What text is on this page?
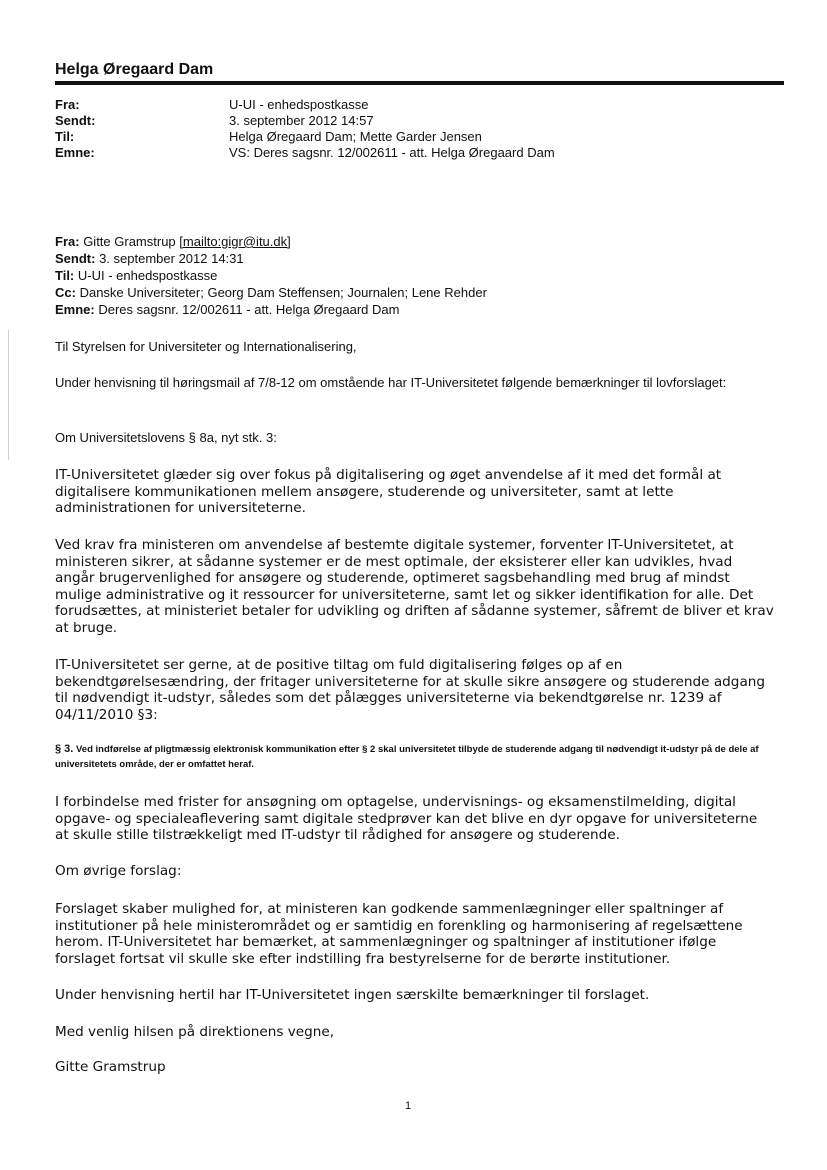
Helga Øregaard Dam
Fra:	U-UI - enhedspostkasse
Sendt:	3. september 2012 14:57
Til:	Helga Øregaard Dam; Mette Garder Jensen
Emne:	VS: Deres sagsnr. 12/002611 - att. Helga Øregaard Dam
Fra: Gitte Gramstrup [mailto:gigr@itu.dk]
Sendt: 3. september 2012 14:31
Til: U-UI - enhedspostkasse
Cc: Danske Universiteter; Georg Dam Steffensen; Journalen; Lene Rehder
Emne: Deres sagsnr. 12/002611 - att. Helga Øregaard Dam

Til Styrelsen for Universiteter og Internationalisering,

Under henvisning til høringsmail af 7/8-12 om omstående har IT-Universitetet følgende bemærkninger til lovforslaget:

Om Universitetslovens § 8a, nyt stk. 3:

IT-Universitetet glæder sig over fokus på digitalisering og øget anvendelse af it med det formål at digitalisere kommunikationen mellem ansøgere, studerende og universiteter, samt at lette administrationen for universiteterne.

Ved krav fra ministeren om anvendelse af bestemte digitale systemer, forventer IT-Universitetet, at ministeren sikrer, at sådanne systemer er de mest optimale, der eksisterer eller kan udvikles, hvad angår brugervenlighed for ansøgere og studerende, optimeret sagsbehandling med brug af mindst mulige administrative og it ressourcer for universiteterne, samt let og sikker identifikation for alle. Det forudsættes, at ministeriet betaler for udvikling og driften af sådanne systemer, såfremt de bliver et krav at bruge.

IT-Universitetet ser gerne, at de positive tiltag om fuld digitalisering følges op af en bekendtgørelsesændring, der fritager universiteterne for at skulle sikre ansøgere og studerende adgang til nødvendigt it-udstyr, således som det pålægges universiteterne via bekendtgørelse nr. 1239 af 04/11/2010 §3:

§ 3. Ved indførelse af pligtmæssig elektronisk kommunikation efter § 2 skal universitetet tilbyde de studerende adgang til nødvendigt it-udstyr på de dele af universitetets område, der er omfattet heraf.

I forbindelse med frister for ansøgning om optagelse, undervisnings- og eksamenstilmelding, digital opgave- og specialeaflevering samt digitale stedprøver kan det blive en dyr opgave for universiteterne at skulle stille tilstrækkeligt med IT-udstyr til rådighed for ansøgere og studerende.

Om øvrige forslag:

Forslaget skaber mulighed for, at ministeren kan godkende sammenlægninger eller spaltninger af institutioner på hele ministerområdet og er samtidig en forenkling og harmonisering af regelsættene herom. IT-Universitetet har bemærket, at sammenlægninger og spaltninger af institutioner ifølge forslaget fortsat vil skulle ske efter indstilling fra bestyrelserne for de berørte institutioner.

Under henvisning hertil har IT-Universitetet ingen særskilte bemærkninger til forslaget.

Med venlig hilsen på direktionens vegne,

Gitte Gramstrup

1
